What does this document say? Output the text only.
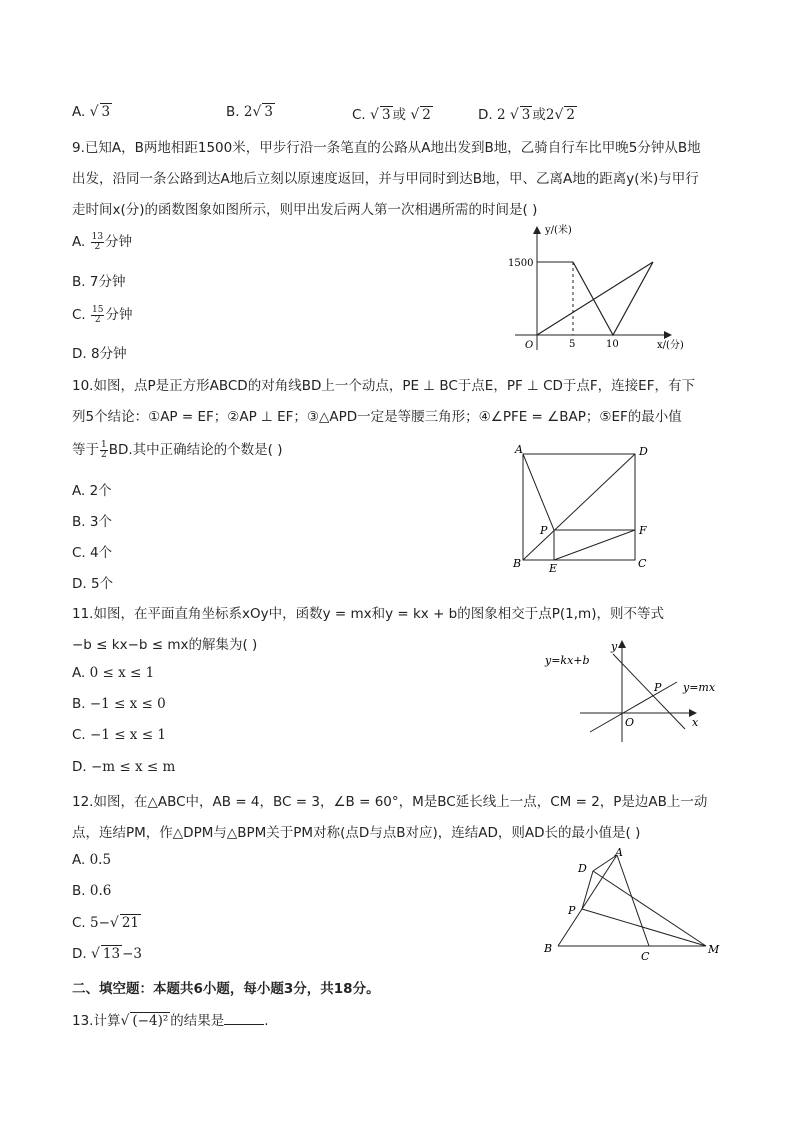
A. √ 3	B. 2√ 3	C. √ 3 或 √ 2	D. 2 √ 3 或2√ 2
9.已知A，B两地相距1500米，甲步行沿一条笔直的公路从A地出发到B地，乙骑自行车比甲晚5分钟从B地
出发，沿同一条公路到达A地后立刻以原速度返回，并与甲同时到达B地，甲、乙离A地的距离y(米)与甲行
走时间x(分)的函数图象如图所示，则甲出发后两人第一次相遇所需的时间是( )
A. $\frac{13}{2}$ 分钟
B. 7分钟
C. $\frac{15}{2}$ 分钟
D. 8分钟
y/(米)
x/(分)
O
1500
5	10
10.如图，点P是正方形ABCD的对角线BD上一个动点，PE ⊥ BC于点E，PF ⊥ CD于点F，连接EF，有下
列5个结论：①AP = EF；②AP ⊥ EF；③△APD一定是等腰三角形；④∠PFE = ∠BAP；⑤EF的最小值
等于 $\frac{1}{2}$ BD.其中正确结论的个数是( )
A. 2个
B. 3个
C. 4个
D. 5个
A	D
P	F
B	E	C
11.如图，在平面直角坐标系xOy中，函数y = mx和y = kx + b的图象相交于点P(1,m)，则不等式
−b ≤ kx−b ≤ mx的解集为( )
A. 0 ≤ x ≤ 1
B. −1 ≤ x ≤ 0
C. −1 ≤ x ≤ 1
D. −m ≤ x ≤ m
y=kx+b
y=mx
P
O	x
y
12.如图，在△ABC中，AB = 4，BC = 3，∠B = 60°，M是BC延长线上一点，CM = 2，P是边AB上一动
点，连结PM，作△DPM与△BPM关于PM对称(点D与点B对应)，连结AD，则AD长的最小值是( )
A. 0.5
B. 0.6
C. 5−√ 21
D. √ 13 −3
A
D
P
B
C
M
二、填空题：本题共6小题，每小题3分，共18分。
13.计算√ (−4)² 的结果是	.
